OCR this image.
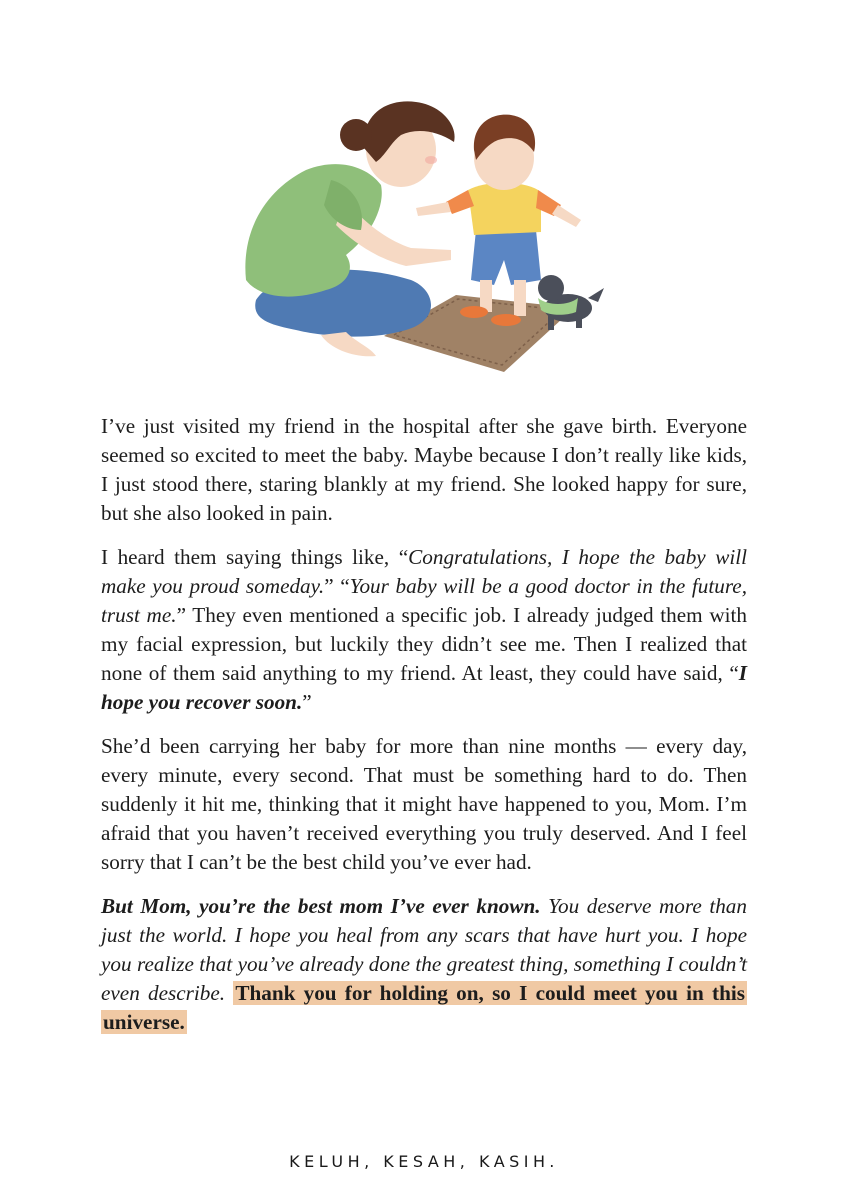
I’ve just visited my friend in the hospital after she gave birth. Everyone seemed so excited to meet the baby. Maybe because I don’t really like kids, I just stood there, staring blankly at my friend. She looked happy for sure, but she also looked in pain.

I heard them saying things like, “Congratulations, I hope the baby will make you proud someday.” “Your baby will be a good doctor in the future, trust me.” They even mentioned a specific job. I already judged them with my facial expression, but luckily they didn’t see me. Then I realized that none of them said anything to my friend. At least, they could have said, “I hope you recover soon.”

She’d been carrying her baby for more than nine months — every day, every minute, every second. That must be something hard to do. Then suddenly it hit me, thinking that it might have happened to you, Mom. I’m afraid that you haven’t received everything you truly deserved. And I feel sorry that I can’t be the best child you’ve ever had.

But Mom, you’re the best mom I’ve ever known. You deserve more than just the world. I hope you heal from any scars that have hurt you. I hope you realize that you’ve already done the greatest thing, something I couldn’t even describe. Thank you for holding on, so I could meet you in this universe.

KELUH, KESAH, KASIH.
